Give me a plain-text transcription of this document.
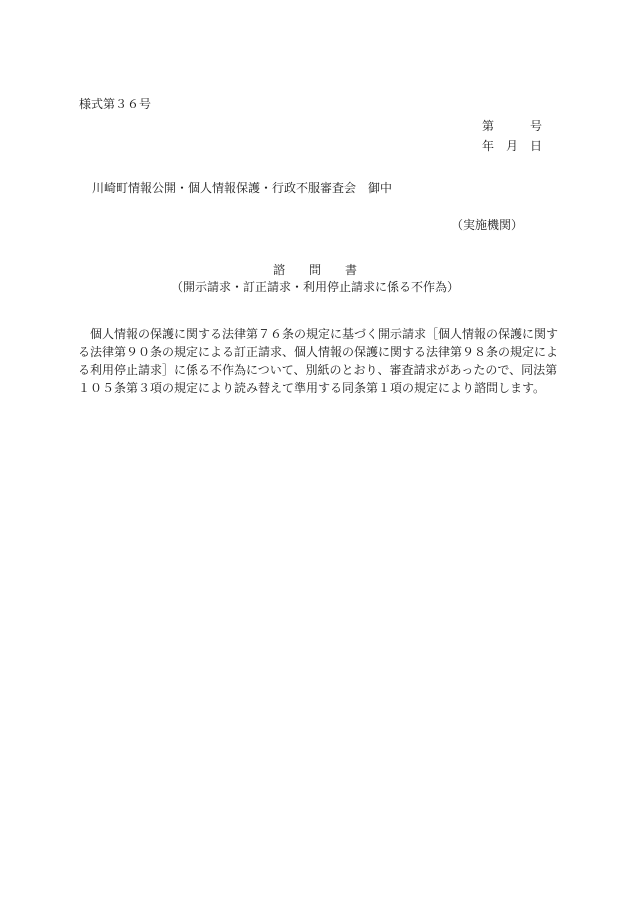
様式第３６号
第	号
年 月 日
川崎町情報公開・個人情報保護・行政不服審査会 御中
（実施機関）
諮 問 書
（開示請求・訂正請求・利用停止請求に係る不作為）

　個人情報の保護に関する法律第７６条の規定に基づく開示請求［個人情報の保護に関す

る法律第９０条の規定による訂正請求、個人情報の保護に関する法律第９８条の規定によ

る利用停止請求］に係る不作為について、別紙のとおり、審査請求があったので、同法第

１０５条第３項の規定により読み替えて準用する同条第１項の規定により諮問します。
